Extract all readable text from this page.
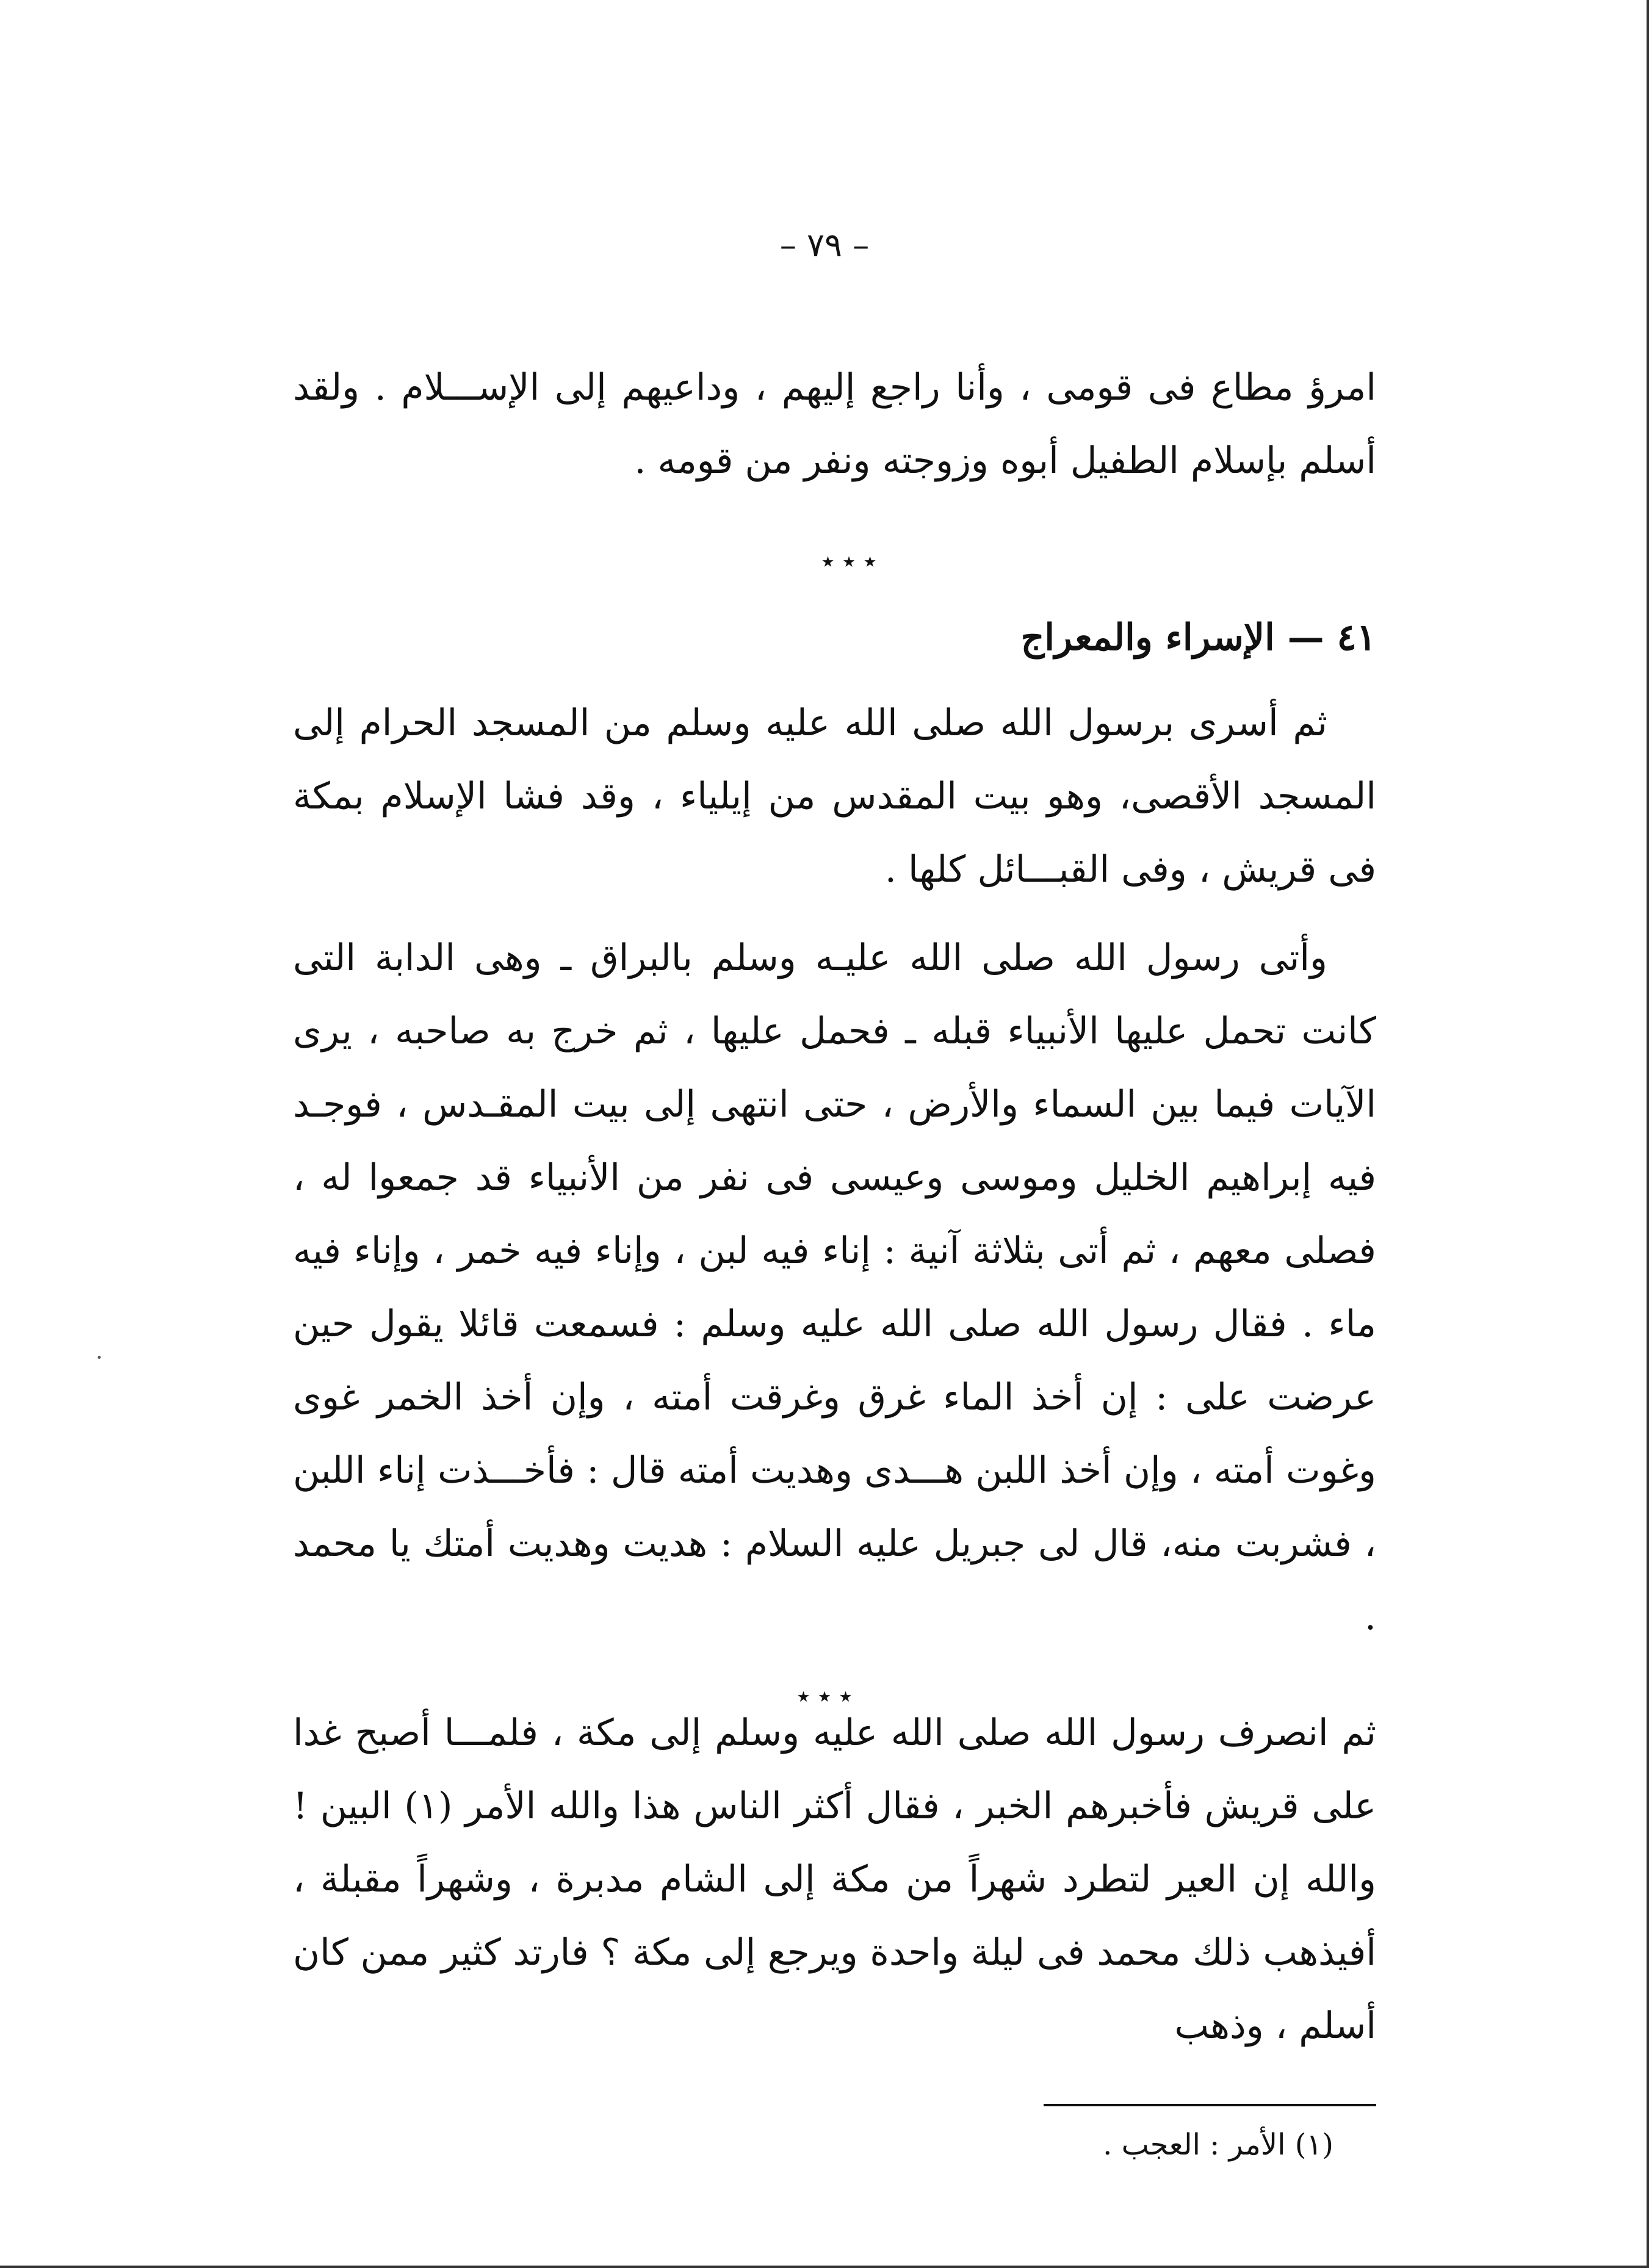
– ٧٩ –
امرؤ مطاع فى قومى ، وأنا راجع إليهم ، وداعيهم إلى الإســـلام . ولقد أسلم بإسلام الطفيل أبوه وزوجته ونفر من قومه .
٭ ٭ ٭
٤١ — الإسراء والمعراج
ثم أسرى برسول الله صلى الله عليه وسلم من المسجد الحرام إلى المسجد الأقصى، وهو بيت المقدس من إيلياء ، وقد فشا الإسلام بمكة فى قريش ، وفى القبـــائل كلها .
وأتى رسول الله صلى الله عليـه وسلم بالبراق ـ وهى الدابة التى كانت تحمل عليها الأنبياء قبله ـ فحمل عليها ، ثم خرج به صاحبه ، يرى الآيات فيما بين السماء والأرض ، حتى انتهى إلى بيت المقـدس ، فوجـد فيه إبراهيم الخليل وموسى وعيسى فى نفر من الأنبياء قد جمعوا له ، فصلى معهم ، ثم أتى بثلاثة آنية : إناء فيه لبن ، وإناء فيه خمر ، وإناء فيه ماء . فقال رسول الله صلى الله عليه وسلم : فسمعت قائلا يقول حين عرضت على : إن أخذ الماء غرق وغرقت أمته ، وإن أخذ الخمر غوى وغوت أمته ، وإن أخذ اللبن هـــدى وهديت أمته قال : فأخـــذت إناء اللبن ، فشربت منه، قال لى جبريل عليه السلام : هديت وهديت أمتك يا محمد .
٭ ٭ ٭
ثم انصرف رسول الله صلى الله عليه وسلم إلى مكة ، فلمـــا أصبح غدا على قريش فأخبرهم الخبر ، فقال أكثر الناس هذا والله الأمر (١) البين ! والله إن العير لتطرد شهراً من مكة إلى الشام مدبرة ، وشهراً مقبلة ، أفيذهب ذلك محمد فى ليلة واحدة ويرجع إلى مكة ؟ فارتد كثير ممن كان أسلم ، وذهب
(١) الأمر : العجب .
